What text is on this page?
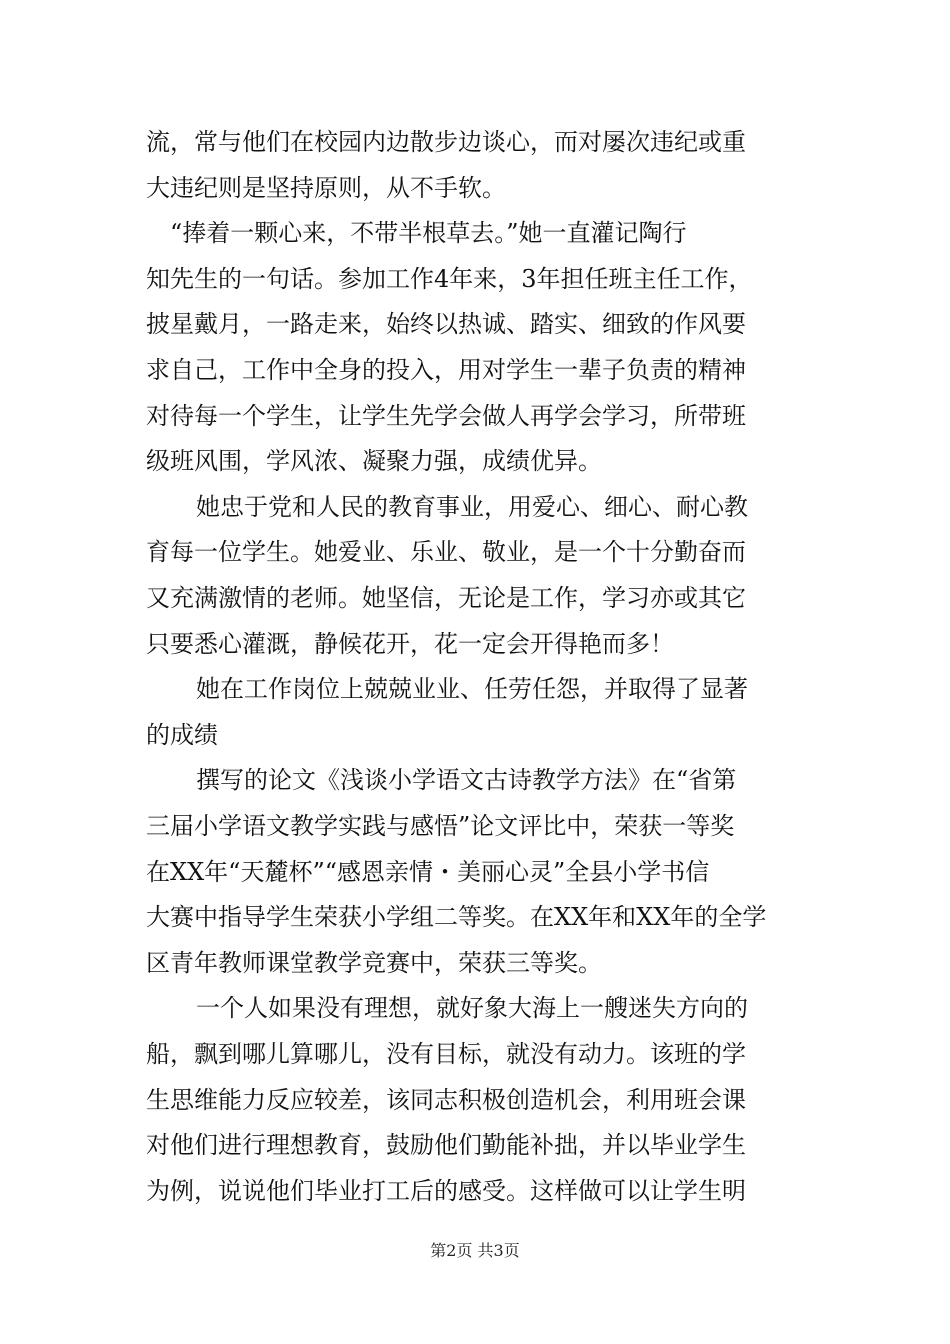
流，常与他们在校园内边散步边谈心，而对屡次违纪或重
大违纪则是坚持原则，从不手软。
“捧着一颗心来，不带半根草去。”她一直灌记陶行
知先生的一句话。参加工作4年来，3年担任班主任工作，
披星戴月，一路走来，始终以热诚、踏实、细致的作风要
求自己，工作中全身的投入，用对学生一辈子负责的精神
对待每一个学生，让学生先学会做人再学会学习，所带班
级班风围，学风浓、凝聚力强，成绩优异。
她忠于党和人民的教育事业，用爱心、细心、耐心教
育每一位学生。她爱业、乐业、敬业，是一个十分勤奋而
又充满激情的老师。她坚信，无论是工作，学习亦或其它
只要悉心灌溉，静候花开，花一定会开得艳而多！
她在工作岗位上兢兢业业、任劳任怨，并取得了显著
的成绩
撰写的论文《浅谈小学语文古诗教学方法》在“省第
三届小学语文教学实践与感悟”论文评比中，荣获一等奖
在XX年“天麓杯”“感恩亲情・美丽心灵”全县小学书信
大赛中指导学生荣获小学组二等奖。在XX年和XX年的全学
区青年教师课堂教学竞赛中，荣获三等奖。
一个人如果没有理想，就好象大海上一艘迷失方向的
船，飘到哪儿算哪儿，没有目标，就没有动力。该班的学
生思维能力反应较差，该同志积极创造机会，利用班会课
对他们进行理想教育，鼓励他们勤能补拙，并以毕业学生
为例，说说他们毕业打工后的感受。这样做可以让学生明
第2页 共3页
